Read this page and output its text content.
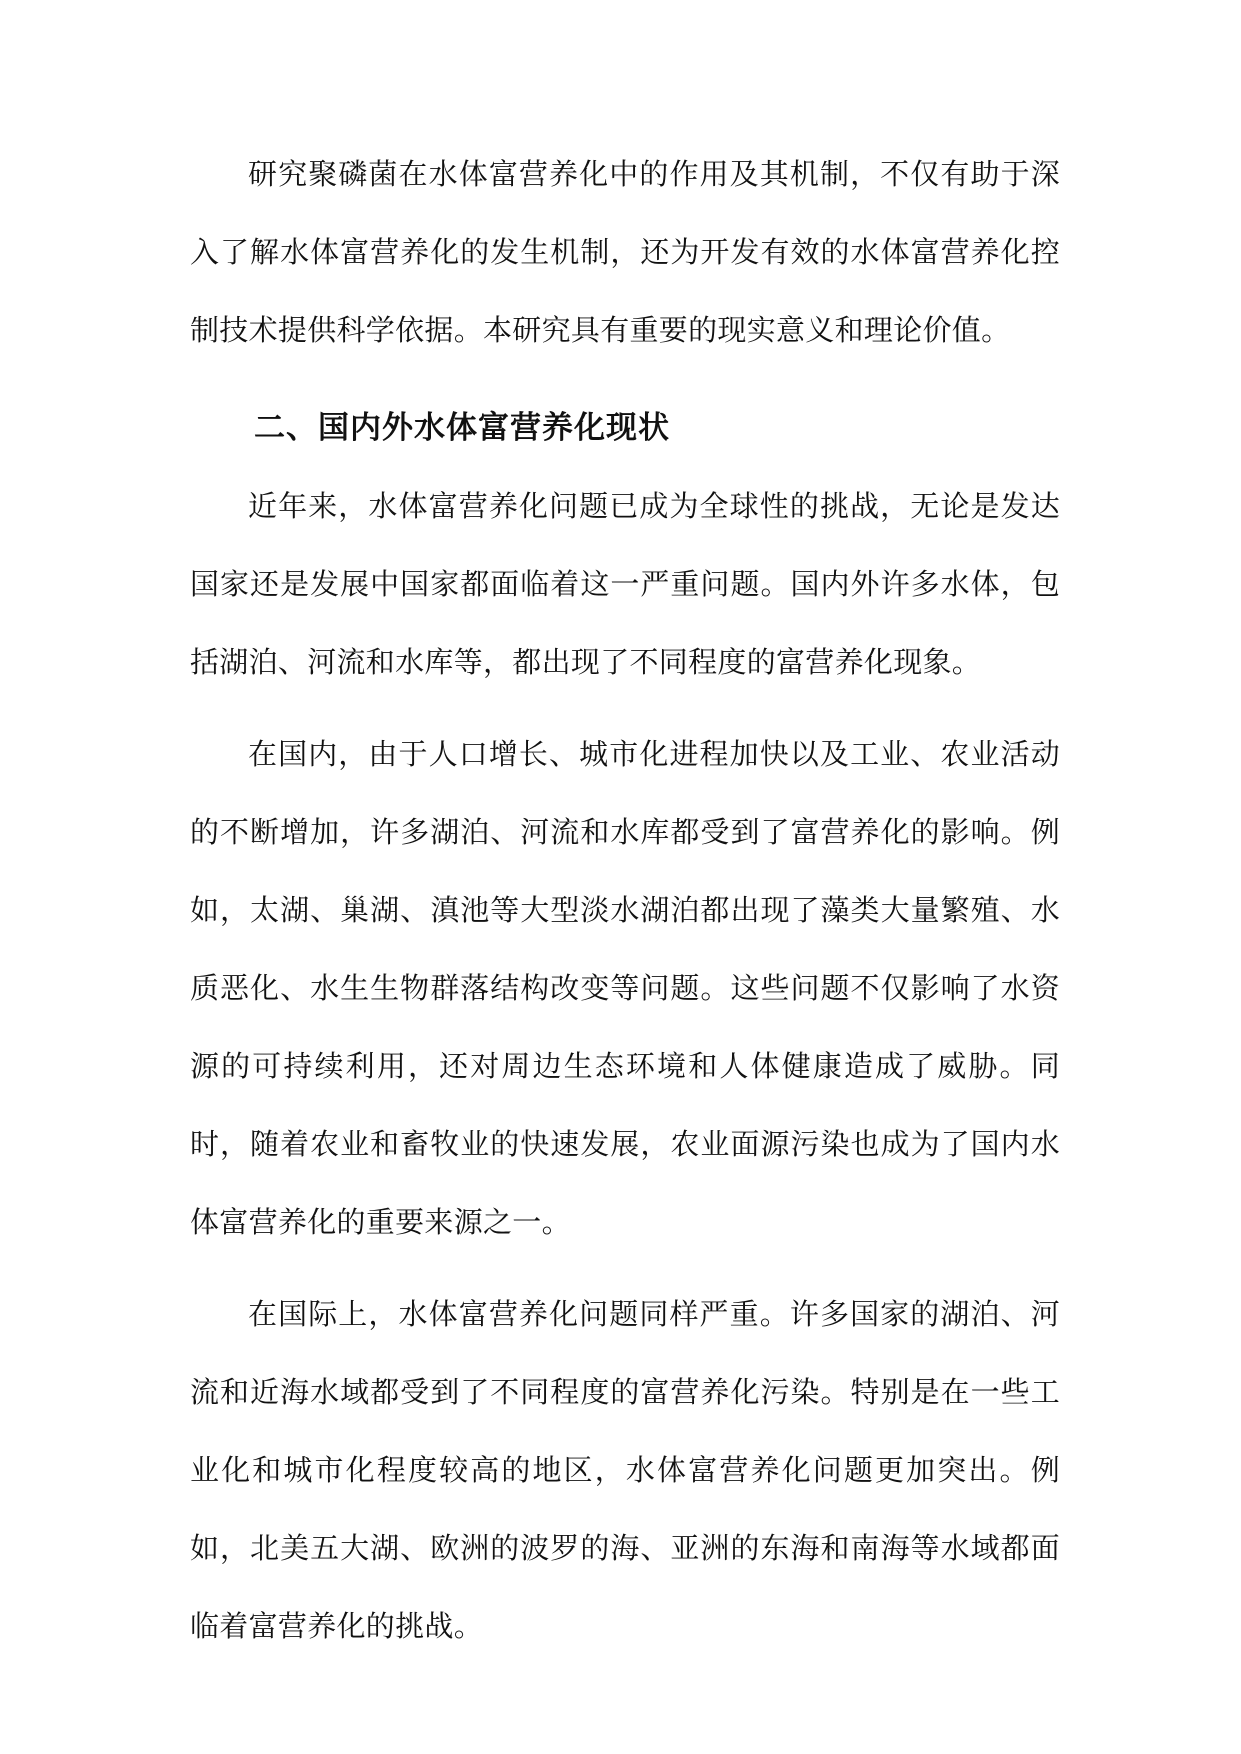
研究聚磷菌在水体富营养化中的作用及其机制，不仅有助于深入了解水体富营养化的发生机制，还为开发有效的水体富营养化控制技术提供科学依据。本研究具有重要的现实意义和理论价值。

二、国内外水体富营养化现状

近年来，水体富营养化问题已成为全球性的挑战，无论是发达国家还是发展中国家都面临着这一严重问题。国内外许多水体，包括湖泊、河流和水库等，都出现了不同程度的富营养化现象。

在国内，由于人口增长、城市化进程加快以及工业、农业活动的不断增加，许多湖泊、河流和水库都受到了富营养化的影响。例如，太湖、巢湖、滇池等大型淡水湖泊都出现了藻类大量繁殖、水质恶化、水生生物群落结构改变等问题。这些问题不仅影响了水资源的可持续利用，还对周边生态环境和人体健康造成了威胁。同时，随着农业和畜牧业的快速发展，农业面源污染也成为了国内水体富营养化的重要来源之一。

在国际上，水体富营养化问题同样严重。许多国家的湖泊、河流和近海水域都受到了不同程度的富营养化污染。特别是在一些工业化和城市化程度较高的地区，水体富营养化问题更加突出。例如，北美五大湖、欧洲的波罗的海、亚洲的东海和南海等水域都面临着富营养化的挑战。
